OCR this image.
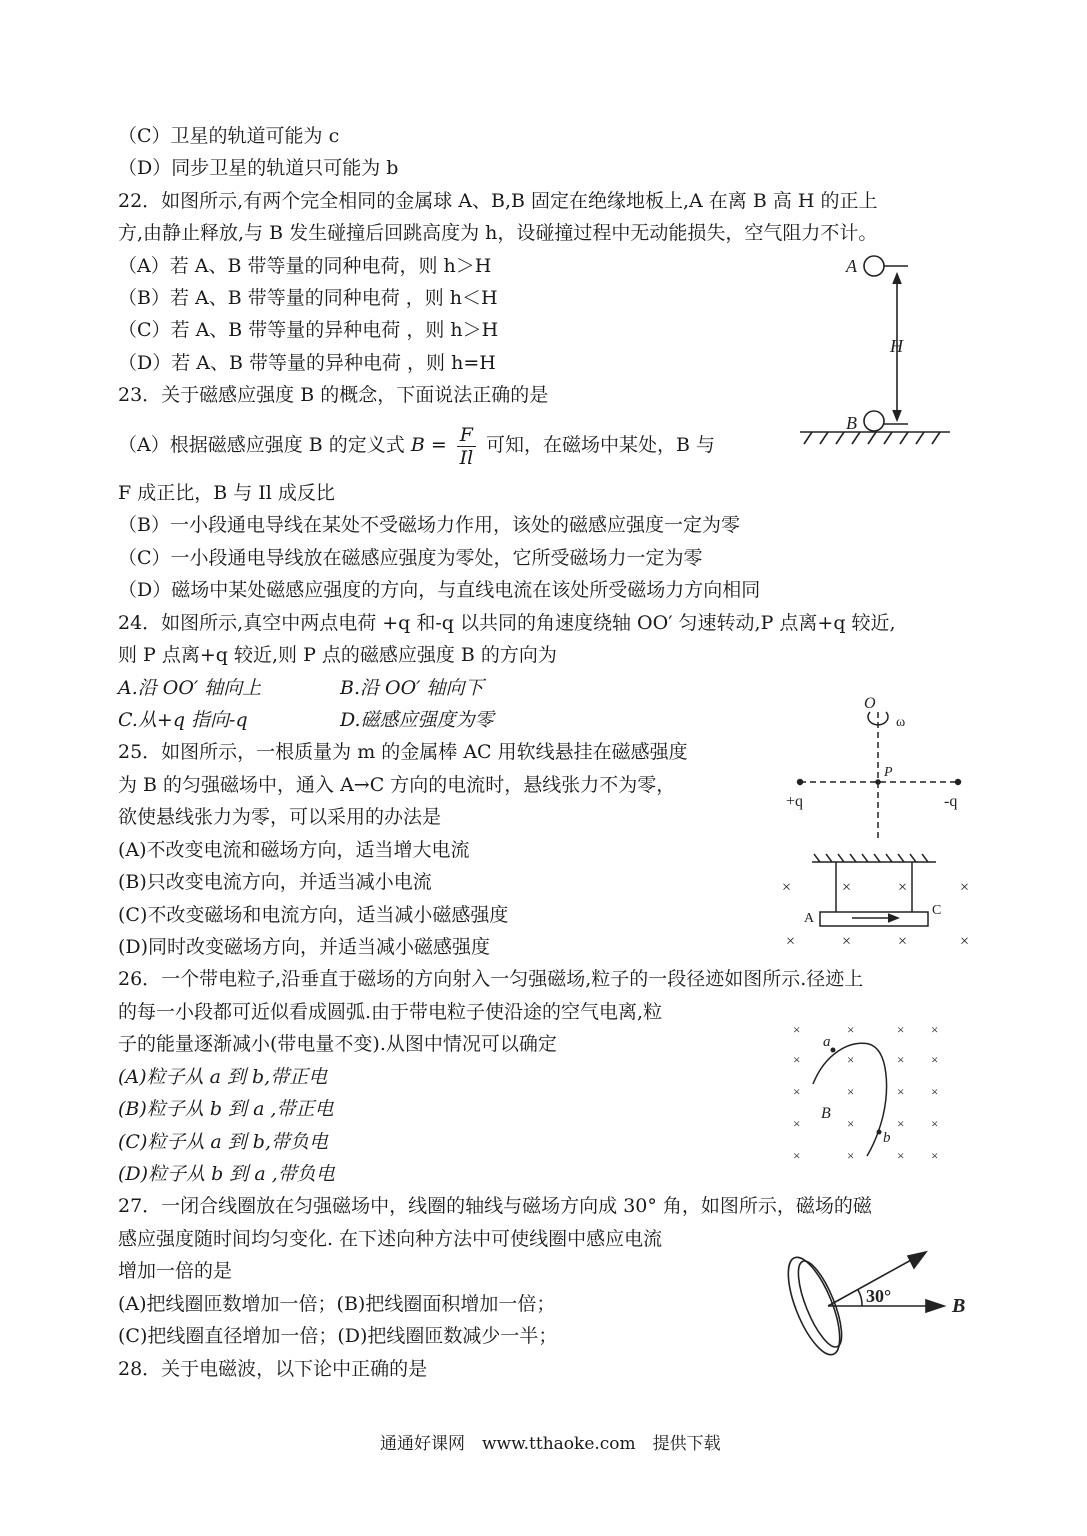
（C）卫星的轨道可能为 c
（D）同步卫星的轨道只可能为 b
22．如图所示,有两个完全相同的金属球 A、B,B 固定在绝缘地板上,A 在离 B 高 H 的正上
方,由静止释放,与 B 发生碰撞后回跳高度为 h，设碰撞过程中无动能损失，空气阻力不计。
（A）若 A、B 带等量的同种电荷，则 h＞H
（B）若 A、B 带等量的同种电荷 ，则 h＜H
（C）若 A、B 带等量的异种电荷 ，则 h＞H
（D）若 A、B 带等量的异种电荷 ，则 h=H
23．关于磁感应强度 B 的概念，下面说法正确的是
（A）根据磁感应强度 B 的定义式 $B = \frac{F}{Il}$ 可知，在磁场中某处，B 与
F 成正比，B 与 Il 成反比
（B）一小段通电导线在某处不受磁场力作用，该处的磁感应强度一定为零
（C）一小段通电导线放在磁感应强度为零处，它所受磁场力一定为零
（D）磁场中某处磁感应强度的方向，与直线电流在该处所受磁场力方向相同
24．如图所示,真空中两点电荷 +q 和-q 以共同的角速度绕轴 OO′ 匀速转动,P 点离+q 较近,
则 P 点离+q 较近,则 P 点的磁感应强度 B 的方向为
A.沿 OO′ 轴向上	B.沿 OO′ 轴向下
C.从+q 指向-q	D.磁感应强度为零
25．如图所示，一根质量为 m 的金属棒 AC 用软线悬挂在磁感强度
为 B 的匀强磁场中，通入 A→C 方向的电流时，悬线张力不为零，
欲使悬线张力为零，可以采用的办法是
(A)不改变电流和磁场方向，适当增大电流
(B)只改变电流方向，并适当减小电流
(C)不改变磁场和电流方向，适当减小磁感强度
(D)同时改变磁场方向，并适当减小磁感强度
26．一个带电粒子,沿垂直于磁场的方向射入一匀强磁场,粒子的一段径迹如图所示.径迹上
的每一小段都可近似看成圆弧.由于带电粒子使沿途的空气电离,粒
子的能量逐渐减小(带电量不变).从图中情况可以确定
(A)粒子从 a 到 b,带正电
(B)粒子从 b 到 a ,带正电
(C)粒子从 a 到 b,带负电
(D)粒子从 b 到 a ,带负电
27．一闭合线圈放在匀强磁场中，线圈的轴线与磁场方向成 30° 角，如图所示，磁场的磁
感应强度随时间均匀变化. 在下述向种方法中可使线圈中感应电流
增加一倍的是
(A)把线圈匝数增加一倍；(B)把线圈面积增加一倍；
(C)把线圈直径增加一倍；(D)把线圈匝数减少一半；
28．关于电磁波，以下论中正确的是
通通好课网　www.tthaoke.com　提供下载
A
B
H
O
ω
P
+q	-q
×	×	×	×
×	×	×	×
A
C
×	×	× ×
×	×	× ×
×	×	× ×
×	×	× ×
×	×	× ×
a
b
B
30°	B
